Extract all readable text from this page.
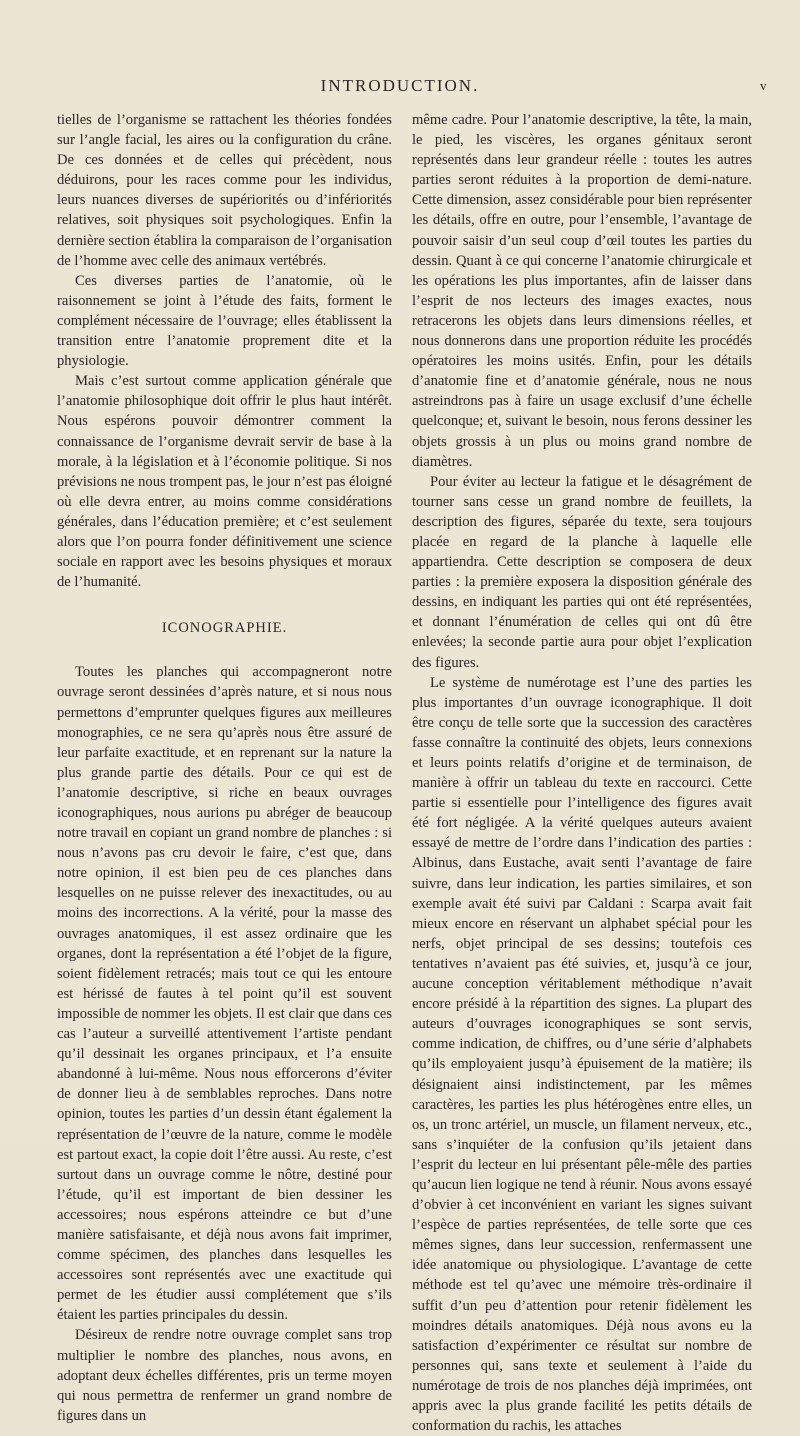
INTRODUCTION.	v

tielles de l’organisme se rattachent les théories fondées sur l’angle facial, les aires ou la configuration du crâne. De ces données et de celles qui précèdent, nous déduirons, pour les races comme pour les individus, leurs nuances diverses de supériorités ou d’infériorités relatives, soit physiques soit psychologiques. Enfin la dernière section établira la comparaison de l’organisation de l’homme avec celle des animaux vertébrés.

Ces diverses parties de l’anatomie, où le raisonnement se joint à l’étude des faits, forment le complément nécessaire de l’ouvrage; elles établissent la transition entre l’anatomie proprement dite et la physiologie.

Mais c’est surtout comme application générale que l’anatomie philosophique doit offrir le plus haut intérêt. Nous espérons pouvoir démontrer comment la connaissance de l’organisme devrait servir de base à la morale, à la législation et à l’économie politique. Si nos prévisions ne nous trompent pas, le jour n’est pas éloigné où elle devra entrer, au moins comme considérations générales, dans l’éducation première; et c’est seulement alors que l’on pourra fonder définitivement une science sociale en rapport avec les besoins physiques et moraux de l’humanité.

ICONOGRAPHIE.

Toutes les planches qui accompagneront notre ouvrage seront dessinées d’après nature, et si nous nous permettons d’emprunter quelques figures aux meilleures monographies, ce ne sera qu’après nous être assuré de leur parfaite exactitude, et en reprenant sur la nature la plus grande partie des détails. Pour ce qui est de l’anatomie descriptive, si riche en beaux ouvrages iconographiques, nous aurions pu abréger de beaucoup notre travail en copiant un grand nombre de planches : si nous n’avons pas cru devoir le faire, c’est que, dans notre opinion, il est bien peu de ces planches dans lesquelles on ne puisse relever des inexactitudes, ou au moins des incorrections. A la vérité, pour la masse des ouvrages anatomiques, il est assez ordinaire que les organes, dont la représentation a été l’objet de la figure, soient fidèlement retracés; mais tout ce qui les entoure est hérissé de fautes à tel point qu’il est souvent impossible de nommer les objets. Il est clair que dans ces cas l’auteur a surveillé attentivement l’artiste pendant qu’il dessinait les organes principaux, et l’a ensuite abandonné à lui-même. Nous nous efforcerons d’éviter de donner lieu à de semblables reproches. Dans notre opinion, toutes les parties d’un dessin étant également la représentation de l’œuvre de la nature, comme le modèle est partout exact, la copie doit l’être aussi. Au reste, c’est surtout dans un ouvrage comme le nôtre, destiné pour l’étude, qu’il est important de bien dessiner les accessoires; nous espérons atteindre ce but d’une manière satisfaisante, et déjà nous avons fait imprimer, comme spécimen, des planches dans lesquelles les accessoires sont représentés avec une exactitude qui permet de les étudier aussi complétement que s’ils étaient les parties principales du dessin.

Désireux de rendre notre ouvrage complet sans trop multiplier le nombre des planches, nous avons, en adoptant deux échelles différentes, pris un terme moyen qui nous permettra de renfermer un grand nombre de figures dans un

même cadre. Pour l’anatomie descriptive, la tête, la main, le pied, les viscères, les organes génitaux seront représentés dans leur grandeur réelle : toutes les autres parties seront réduites à la proportion de demi-nature. Cette dimension, assez considérable pour bien représenter les détails, offre en outre, pour l’ensemble, l’avantage de pouvoir saisir d’un seul coup d’œil toutes les parties du dessin. Quant à ce qui concerne l’anatomie chirurgicale et les opérations les plus importantes, afin de laisser dans l’esprit de nos lecteurs des images exactes, nous retracerons les objets dans leurs dimensions réelles, et nous donnerons dans une proportion réduite les procédés opératoires les moins usités. Enfin, pour les détails d’anatomie fine et d’anatomie générale, nous ne nous astreindrons pas à faire un usage exclusif d’une échelle quelconque; et, suivant le besoin, nous ferons dessiner les objets grossis à un plus ou moins grand nombre de diamètres.

Pour éviter au lecteur la fatigue et le désagrément de tourner sans cesse un grand nombre de feuillets, la description des figures, séparée du texte, sera toujours placée en regard de la planche à laquelle elle appartiendra. Cette description se composera de deux parties : la première exposera la disposition générale des dessins, en indiquant les parties qui ont été représentées, et donnant l’énumération de celles qui ont dû être enlevées; la seconde partie aura pour objet l’explication des figures.

Le système de numérotage est l’une des parties les plus importantes d’un ouvrage iconographique. Il doit être conçu de telle sorte que la succession des caractères fasse connaître la continuité des objets, leurs connexions et leurs points relatifs d’origine et de terminaison, de manière à offrir un tableau du texte en raccourci. Cette partie si essentielle pour l’intelligence des figures avait été fort négligée. A la vérité quelques auteurs avaient essayé de mettre de l’ordre dans l’indication des parties : Albinus, dans Eustache, avait senti l’avantage de faire suivre, dans leur indication, les parties similaires, et son exemple avait été suivi par Caldani : Scarpa avait fait mieux encore en réservant un alphabet spécial pour les nerfs, objet principal de ses dessins; toutefois ces tentatives n’avaient pas été suivies, et, jusqu’à ce jour, aucune conception véritablement méthodique n’avait encore présidé à la répartition des signes. La plupart des auteurs d’ouvrages iconographiques se sont servis, comme indication, de chiffres, ou d’une série d’alphabets qu’ils employaient jusqu’à épuisement de la matière; ils désignaient ainsi indistinctement, par les mêmes caractères, les parties les plus hétérogènes entre elles, un os, un tronc artériel, un muscle, un filament nerveux, etc., sans s’inquiéter de la confusion qu’ils jetaient dans l’esprit du lecteur en lui présentant pêle-mêle des parties qu’aucun lien logique ne tend à réunir. Nous avons essayé d’obvier à cet inconvénient en variant les signes suivant l’espèce de parties représentées, de telle sorte que ces mêmes signes, dans leur succession, renfermassent une idée anatomique ou physiologique. L’avantage de cette méthode est tel qu’avec une mémoire très-ordinaire il suffit d’un peu d’attention pour retenir fidèlement les moindres détails anatomiques. Déjà nous avons eu la satisfaction d’expérimenter ce résultat sur nombre de personnes qui, sans texte et seulement à l’aide du numérotage de trois de nos planches déjà imprimées, ont appris avec la plus grande facilité les petits détails de conformation du rachis, les attaches
